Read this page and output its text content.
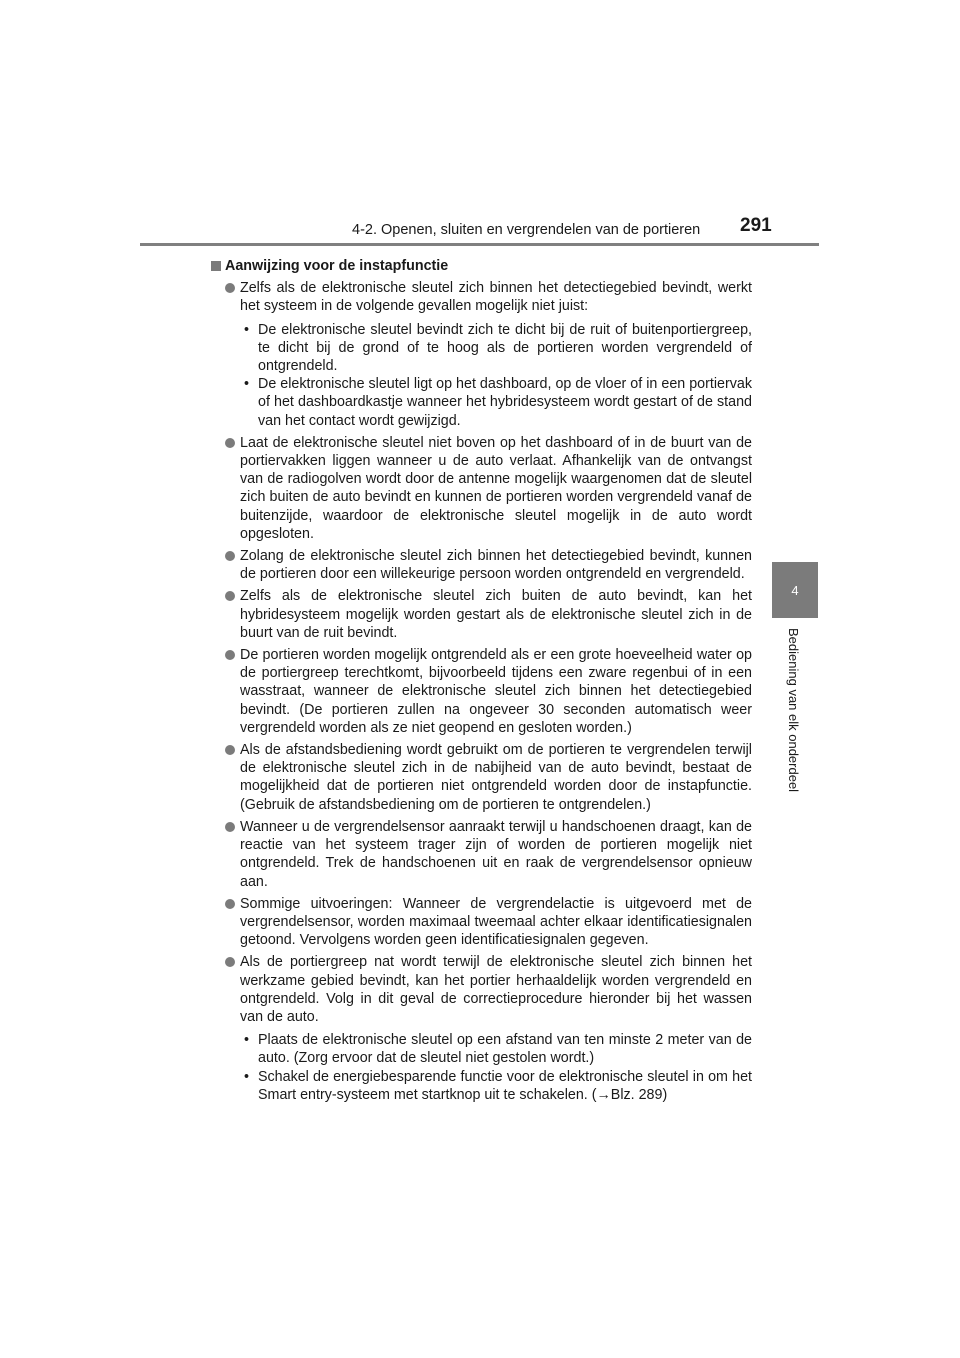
4-2. Openen, sluiten en vergrendelen van de portieren 291
4
Bediening van elk onderdeel
Aanwijzing voor de instapfunctie
Zelfs als de elektronische sleutel zich binnen het detectiegebied bevindt, werkt het systeem in de volgende gevallen mogelijk niet juist:
• De elektronische sleutel bevindt zich te dicht bij de ruit of buitenportiergreep, te dicht bij de grond of te hoog als de portieren worden vergrendeld of ontgrendeld.
• De elektronische sleutel ligt op het dashboard, op de vloer of in een portiervak of het dashboardkastje wanneer het hybridesysteem wordt gestart of de stand van het contact wordt gewijzigd.
Laat de elektronische sleutel niet boven op het dashboard of in de buurt van de portiervakken liggen wanneer u de auto verlaat. Afhankelijk van de ontvangst van de radiogolven wordt door de antenne mogelijk waargenomen dat de sleutel zich buiten de auto bevindt en kunnen de portieren worden vergrendeld vanaf de buitenzijde, waardoor de elektronische sleutel mogelijk in de auto wordt opgesloten.
Zolang de elektronische sleutel zich binnen het detectiegebied bevindt, kunnen de portieren door een willekeurige persoon worden ontgrendeld en vergrendeld.
Zelfs als de elektronische sleutel zich buiten de auto bevindt, kan het hybridesysteem mogelijk worden gestart als de elektronische sleutel zich in de buurt van de ruit bevindt.
De portieren worden mogelijk ontgrendeld als er een grote hoeveelheid water op de portiergreep terechtkomt, bijvoorbeeld tijdens een zware regenbui of in een wasstraat, wanneer de elektronische sleutel zich binnen het detectiegebied bevindt. (De portieren zullen na ongeveer 30 seconden automatisch weer vergrendeld worden als ze niet geopend en gesloten worden.)
Als de afstandsbediening wordt gebruikt om de portieren te vergrendelen terwijl de elektronische sleutel zich in de nabijheid van de auto bevindt, bestaat de mogelijkheid dat de portieren niet ontgrendeld worden door de instapfunctie. (Gebruik de afstandsbediening om de portieren te ontgrendelen.)
Wanneer u de vergrendelsensor aanraakt terwijl u handschoenen draagt, kan de reactie van het systeem trager zijn of worden de portieren mogelijk niet ontgrendeld. Trek de handschoenen uit en raak de vergrendelsensor opnieuw aan.
Sommige uitvoeringen: Wanneer de vergrendelactie is uitgevoerd met de vergrendelsensor, worden maximaal tweemaal achter elkaar identificatiesignalen getoond. Vervolgens worden geen identificatiesignalen gegeven.
Als de portiergreep nat wordt terwijl de elektronische sleutel zich binnen het werkzame gebied bevindt, kan het portier herhaaldelijk worden vergrendeld en ontgrendeld. Volg in dit geval de correctieprocedure hieronder bij het wassen van de auto.
• Plaats de elektronische sleutel op een afstand van ten minste 2 meter van de auto. (Zorg ervoor dat de sleutel niet gestolen wordt.)
• Schakel de energiebesparende functie voor de elektronische sleutel in om het Smart entry-systeem met startknop uit te schakelen. (→Blz. 289)
